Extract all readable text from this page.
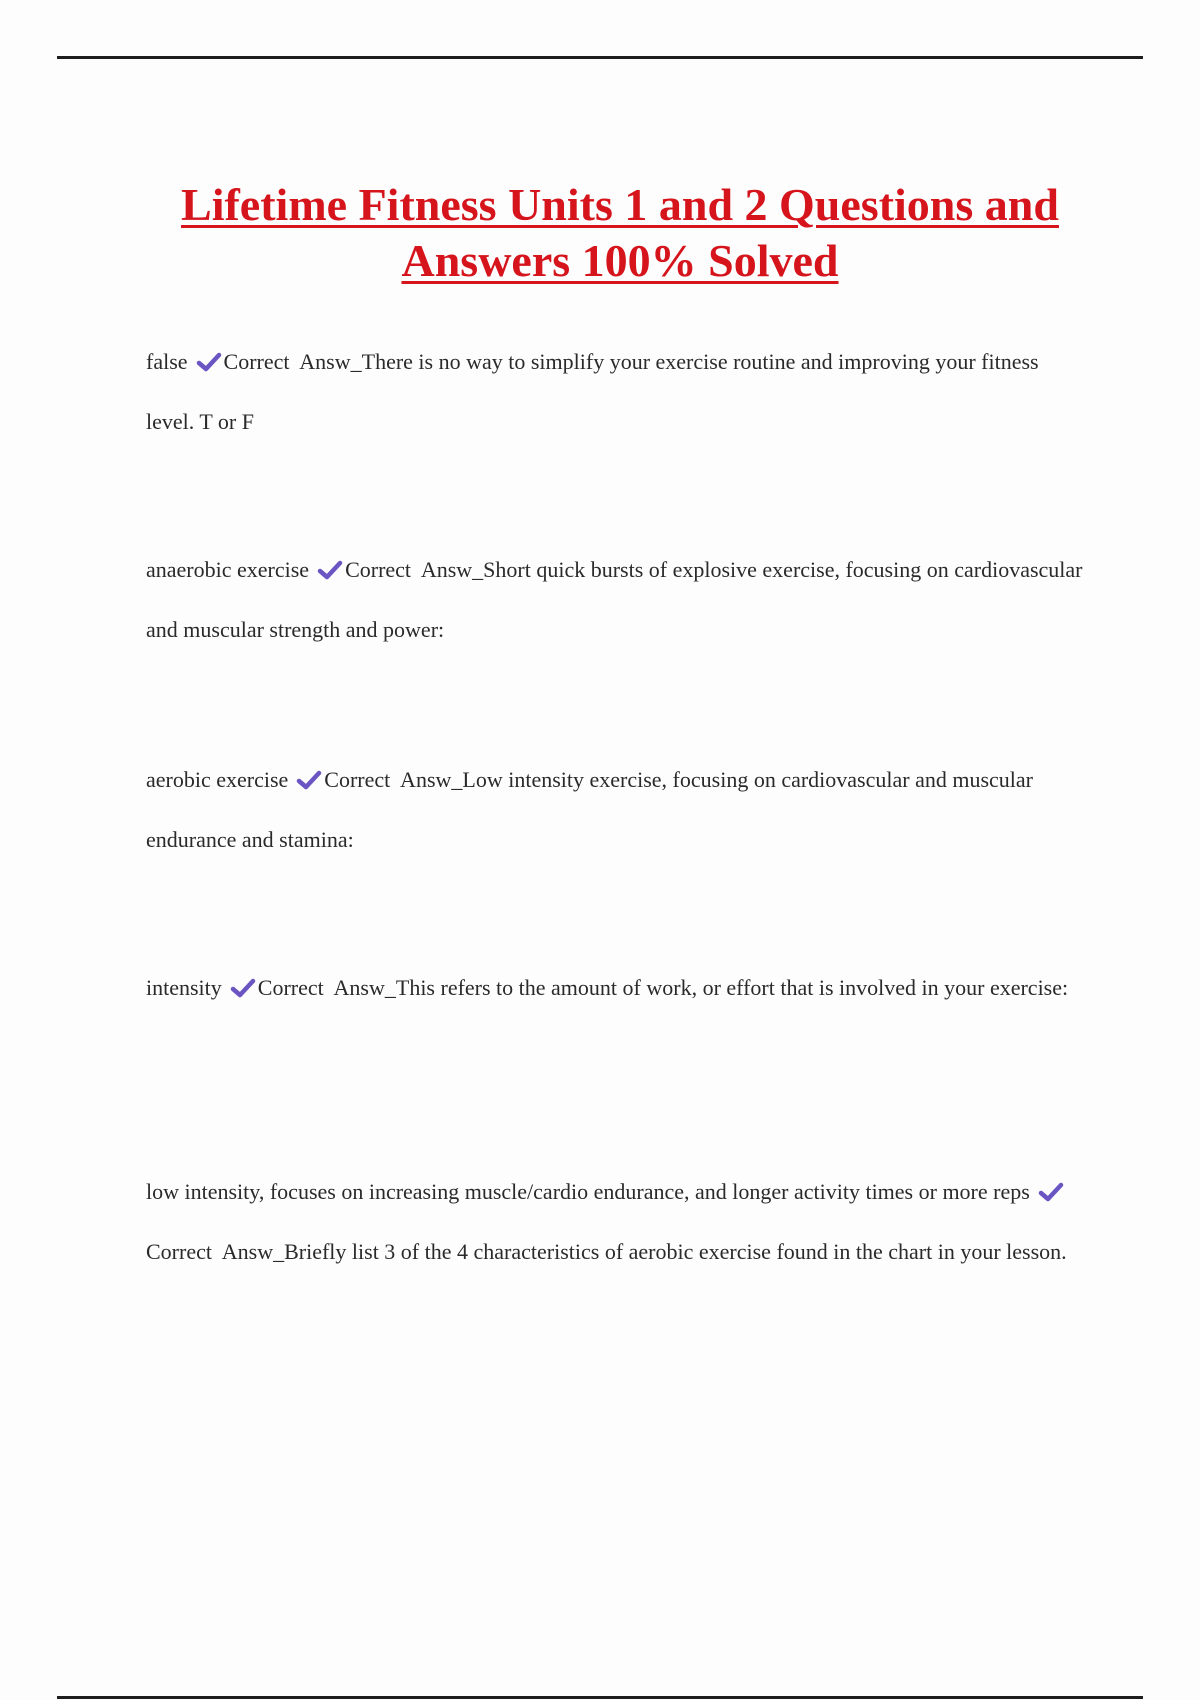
Lifetime Fitness Units 1 and 2 Questions and Answers 100% Solved
false Correct  Answ_There is no way to simplify your exercise routine and improving your fitness level. T or F
anaerobic exercise Correct  Answ_Short quick bursts of explosive exercise, focusing on cardiovascular and muscular strength and power:
aerobic exercise Correct  Answ_Low intensity exercise, focusing on cardiovascular and muscular endurance and stamina:
intensity Correct  Answ_This refers to the amount of work, or effort that is involved in your exercise:
low intensity, focuses on increasing muscle/cardio endurance, and longer activity times or more reps
Correct  Answ_Briefly list 3 of the 4 characteristics of aerobic exercise found in the chart in your lesson.
